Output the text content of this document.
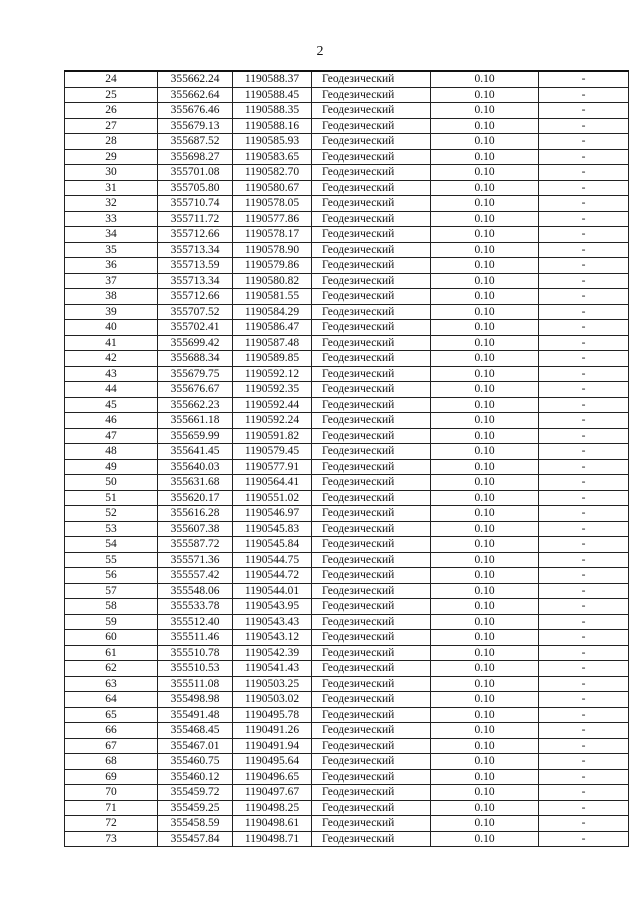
2
24	355662.24	1190588.37	Геодезический	0.10	-
25	355662.64	1190588.45	Геодезический	0.10	-
26	355676.46	1190588.35	Геодезический	0.10	-
27	355679.13	1190588.16	Геодезический	0.10	-
28	355687.52	1190585.93	Геодезический	0.10	-
29	355698.27	1190583.65	Геодезический	0.10	-
30	355701.08	1190582.70	Геодезический	0.10	-
31	355705.80	1190580.67	Геодезический	0.10	-
32	355710.74	1190578.05	Геодезический	0.10	-
33	355711.72	1190577.86	Геодезический	0.10	-
34	355712.66	1190578.17	Геодезический	0.10	-
35	355713.34	1190578.90	Геодезический	0.10	-
36	355713.59	1190579.86	Геодезический	0.10	-
37	355713.34	1190580.82	Геодезический	0.10	-
38	355712.66	1190581.55	Геодезический	0.10	-
39	355707.52	1190584.29	Геодезический	0.10	-
40	355702.41	1190586.47	Геодезический	0.10	-
41	355699.42	1190587.48	Геодезический	0.10	-
42	355688.34	1190589.85	Геодезический	0.10	-
43	355679.75	1190592.12	Геодезический	0.10	-
44	355676.67	1190592.35	Геодезический	0.10	-
45	355662.23	1190592.44	Геодезический	0.10	-
46	355661.18	1190592.24	Геодезический	0.10	-
47	355659.99	1190591.82	Геодезический	0.10	-
48	355641.45	1190579.45	Геодезический	0.10	-
49	355640.03	1190577.91	Геодезический	0.10	-
50	355631.68	1190564.41	Геодезический	0.10	-
51	355620.17	1190551.02	Геодезический	0.10	-
52	355616.28	1190546.97	Геодезический	0.10	-
53	355607.38	1190545.83	Геодезический	0.10	-
54	355587.72	1190545.84	Геодезический	0.10	-
55	355571.36	1190544.75	Геодезический	0.10	-
56	355557.42	1190544.72	Геодезический	0.10	-
57	355548.06	1190544.01	Геодезический	0.10	-
58	355533.78	1190543.95	Геодезический	0.10	-
59	355512.40	1190543.43	Геодезический	0.10	-
60	355511.46	1190543.12	Геодезический	0.10	-
61	355510.78	1190542.39	Геодезический	0.10	-
62	355510.53	1190541.43	Геодезический	0.10	-
63	355511.08	1190503.25	Геодезический	0.10	-
64	355498.98	1190503.02	Геодезический	0.10	-
65	355491.48	1190495.78	Геодезический	0.10	-
66	355468.45	1190491.26	Геодезический	0.10	-
67	355467.01	1190491.94	Геодезический	0.10	-
68	355460.75	1190495.64	Геодезический	0.10	-
69	355460.12	1190496.65	Геодезический	0.10	-
70	355459.72	1190497.67	Геодезический	0.10	-
71	355459.25	1190498.25	Геодезический	0.10	-
72	355458.59	1190498.61	Геодезический	0.10	-
73	355457.84	1190498.71	Геодезический	0.10	-
